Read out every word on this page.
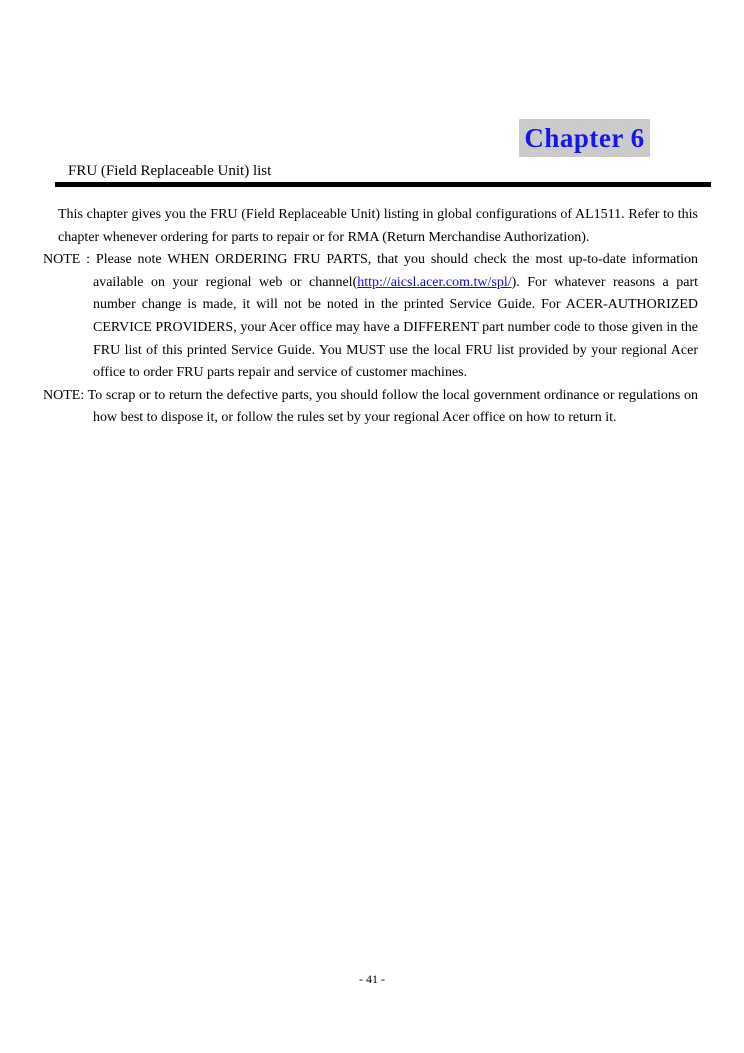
Chapter 6
FRU (Field Replaceable Unit) list

This chapter gives you the FRU (Field Replaceable Unit) listing in global configurations of AL1511. Refer to this chapter whenever ordering for parts to repair or for RMA (Return Merchandise Authorization).

NOTE : Please note WHEN ORDERING FRU PARTS, that you should check the most up-to-date information available on your regional web or channel(http://aicsl.acer.com.tw/spl/). For whatever reasons a part number change is made, it will not be noted in the printed Service Guide. For ACER-AUTHORIZED CERVICE PROVIDERS, your Acer office may have a DIFFERENT part number code to those given in the FRU list of this printed Service Guide. You MUST use the local FRU list provided by your regional Acer office to order FRU parts repair and service of customer machines.

NOTE: To scrap or to return the defective parts, you should follow the local government ordinance or regulations on how best to dispose it, or follow the rules set by your regional Acer office on how to return it.

- 41 -
